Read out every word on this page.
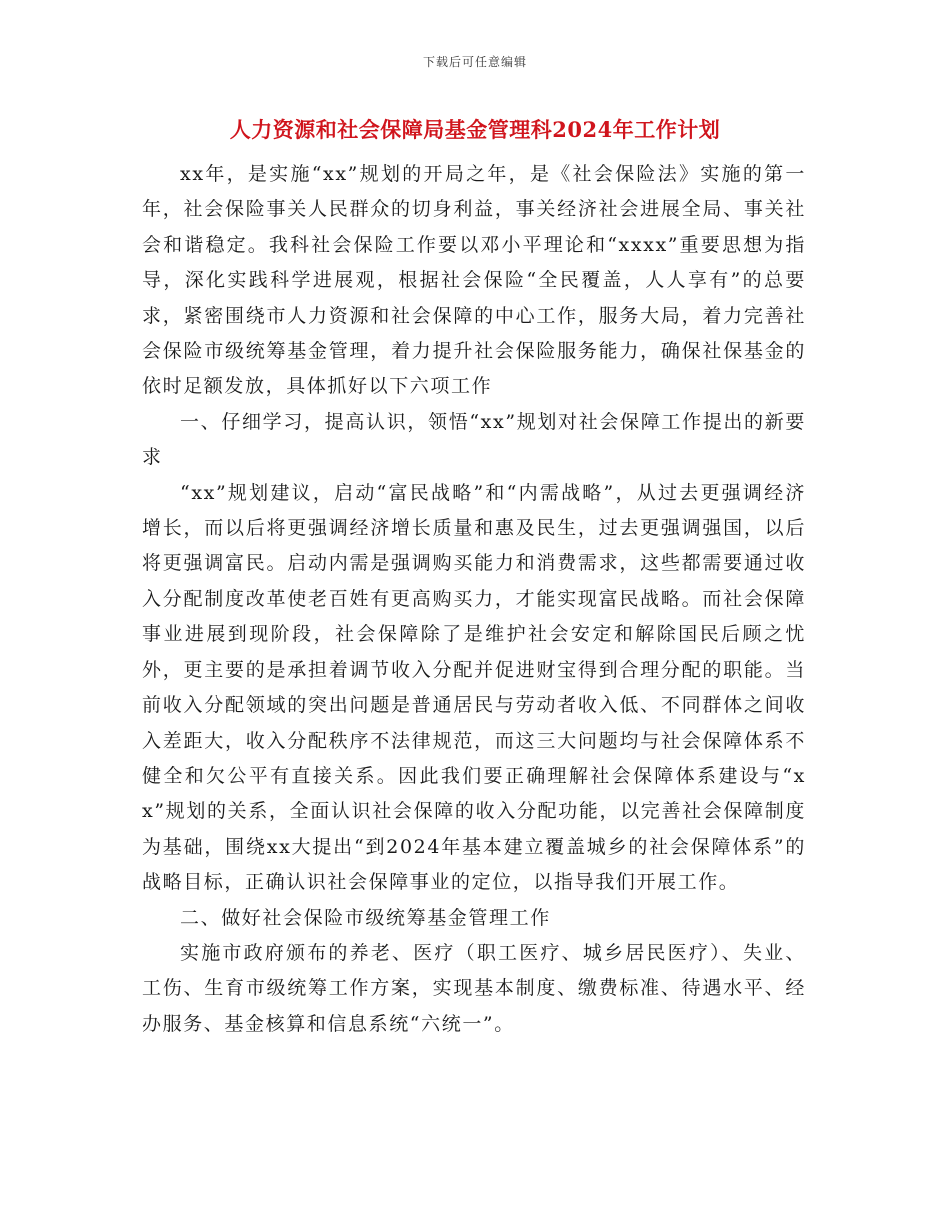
下载后可任意编辑
人力资源和社会保障局基金管理科2024年工作计划

xx年，是实施“xx”规划的开局之年，是《社会保险法》实施的第一年，社会保险事关人民群众的切身利益，事关经济社会进展全局、事关社会和谐稳定。我科社会保险工作要以邓小平理论和“xxxx”重要思想为指导，深化实践科学进展观，根据社会保险“全民覆盖，人人享有”的总要求，紧密围绕市人力资源和社会保障的中心工作，服务大局，着力完善社会保险市级统筹基金管理，着力提升社会保险服务能力，确保社保基金的依时足额发放，具体抓好以下六项工作

一、仔细学习，提高认识，领悟“xx”规划对社会保障工作提出的新要求

“xx”规划建议，启动“富民战略”和“内需战略”，从过去更强调经济增长，而以后将更强调经济增长质量和惠及民生，过去更强调强国，以后将更强调富民。启动内需是强调购买能力和消费需求，这些都需要通过收入分配制度改革使老百姓有更高购买力，才能实现富民战略。而社会保障事业进展到现阶段，社会保障除了是维护社会安定和解除国民后顾之忧外，更主要的是承担着调节收入分配并促进财宝得到合理分配的职能。当前收入分配领域的突出问题是普通居民与劳动者收入低、不同群体之间收入差距大，收入分配秩序不法律规范，而这三大问题均与社会保障体系不健全和欠公平有直接关系。因此我们要正确理解社会保障体系建设与“xx”规划的关系，全面认识社会保障的收入分配功能，以完善社会保障制度为基础，围绕xx大提出“到2024年基本建立覆盖城乡的社会保障体系”的战略目标，正确认识社会保障事业的定位，以指导我们开展工作。

二、做好社会保险市级统筹基金管理工作

实施市政府颁布的养老、医疗（职工医疗、城乡居民医疗）、失业、工伤、生育市级统筹工作方案，实现基本制度、缴费标准、待遇水平、经办服务、基金核算和信息系统“六统一”。
